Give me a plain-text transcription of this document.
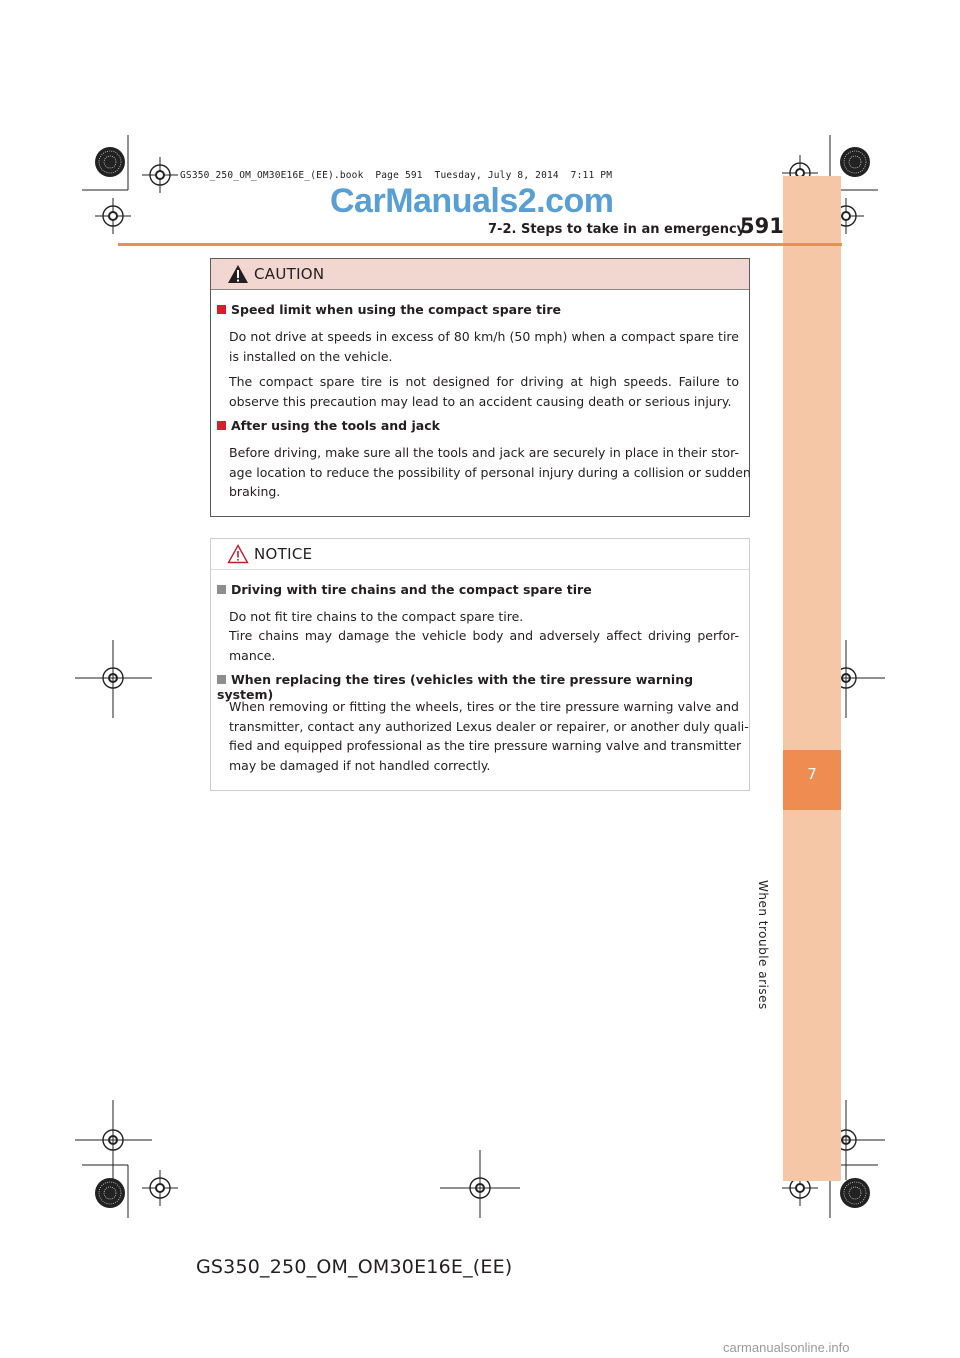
GS350_250_OM_OM30E16E_(EE).book  Page 591  Tuesday, July 8, 2014  7:11 PM
CarManuals2.com
7
When trouble arises
7-2. Steps to take in an emergency
591
CAUTION
Speed limit when using the compact spare tire
Do not drive at speeds in excess of 80 km/h (50 mph) when a compact spare tire
is installed on the vehicle.
The compact spare tire is not designed for driving at high speeds. Failure to
observe this precaution may lead to an accident causing death or serious injury.
After using the tools and jack
Before driving, make sure all the tools and jack are securely in place in their stor-
age location to reduce the possibility of personal injury during a collision or sudden
braking.
NOTICE
Driving with tire chains and the compact spare tire
Do not fit tire chains to the compact spare tire.
Tire chains may damage the vehicle body and adversely affect driving perfor-
mance.
When replacing the tires (vehicles with the tire pressure warning system)
When removing or fitting the wheels, tires or the tire pressure warning valve and
transmitter, contact any authorized Lexus dealer or repairer, or another duly quali-
fied and equipped professional as the tire pressure warning valve and transmitter
may be damaged if not handled correctly.
GS350_250_OM_OM30E16E_(EE)
carmanualsonline.info
